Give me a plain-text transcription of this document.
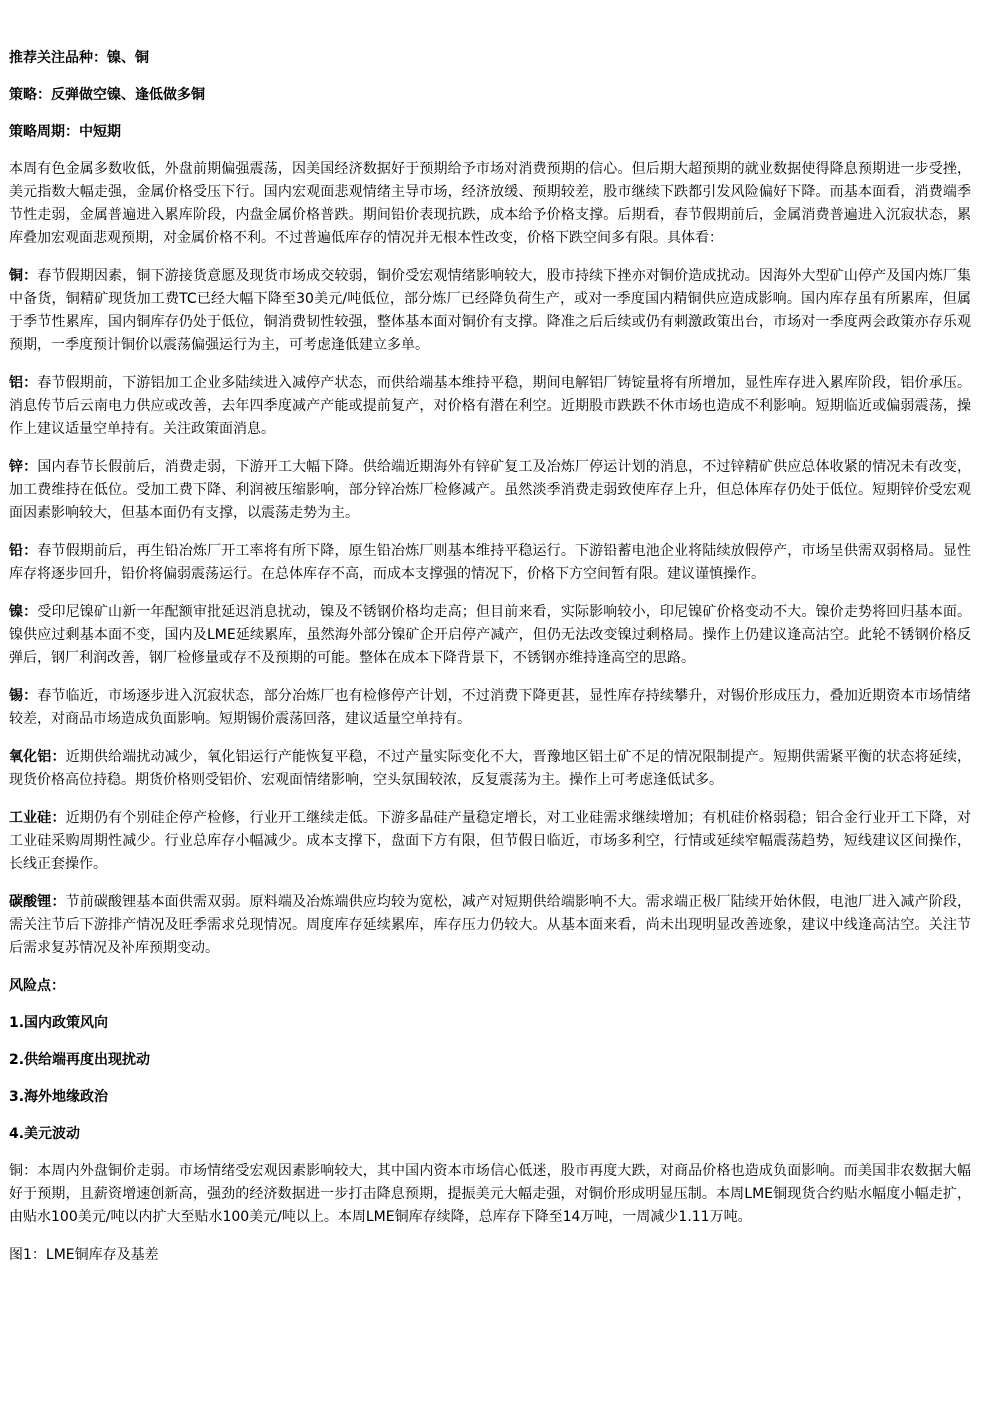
推荐关注品种：镍、铜

策略：反弹做空镍、逢低做多铜

策略周期：中短期

本周有色金属多数收低，外盘前期偏强震荡，因美国经济数据好于预期给予市场对消费预期的信心。但后期大超预期的就业数据使得降息预期进一步受挫，美元指数大幅走强，金属价格受压下行。国内宏观面悲观情绪主导市场，经济放缓、预期较差，股市继续下跌都引发风险偏好下降。而基本面看，消费端季节性走弱，金属普遍进入累库阶段，内盘金属价格普跌。期间铅价表现抗跌，成本给予价格支撑。后期看，春节假期前后，金属消费普遍进入沉寂状态，累库叠加宏观面悲观预期，对金属价格不利。不过普遍低库存的情况并无根本性改变，价格下跌空间多有限。具体看：

铜：春节假期因素，铜下游接货意愿及现货市场成交较弱，铜价受宏观情绪影响较大，股市持续下挫亦对铜价造成扰动。因海外大型矿山停产及国内炼厂集中备货，铜精矿现货加工费TC已经大幅下降至30美元/吨低位，部分炼厂已经降负荷生产，或对一季度国内精铜供应造成影响。国内库存虽有所累库，但属于季节性累库，国内铜库存仍处于低位，铜消费韧性较强，整体基本面对铜价有支撑。降准之后后续或仍有刺激政策出台，市场对一季度两会政策亦存乐观预期，一季度预计铜价以震荡偏强运行为主，可考虑逢低建立多单。

铝：春节假期前，下游铝加工企业多陆续进入减停产状态，而供给端基本维持平稳，期间电解铝厂铸锭量将有所增加，显性库存进入累库阶段，铝价承压。消息传节后云南电力供应或改善，去年四季度减产产能或提前复产，对价格有潜在利空。近期股市跌跌不休市场也造成不利影响。短期临近或偏弱震荡，操作上建议适量空单持有。关注政策面消息。

锌：国内春节长假前后，消费走弱，下游开工大幅下降。供给端近期海外有锌矿复工及冶炼厂停运计划的消息，不过锌精矿供应总体收紧的情况未有改变，加工费维持在低位。受加工费下降、利润被压缩影响，部分锌冶炼厂检修减产。虽然淡季消费走弱致使库存上升，但总体库存仍处于低位。短期锌价受宏观面因素影响较大，但基本面仍有支撑，以震荡走势为主。

铅：春节假期前后，再生铅冶炼厂开工率将有所下降，原生铅冶炼厂则基本维持平稳运行。下游铅蓄电池企业将陆续放假停产，市场呈供需双弱格局。显性库存将逐步回升，铅价将偏弱震荡运行。在总体库存不高，而成本支撑强的情况下，价格下方空间暂有限。建议谨慎操作。

镍：受印尼镍矿山新一年配额审批延迟消息扰动，镍及不锈钢价格均走高；但目前来看，实际影响较小，印尼镍矿价格变动不大。镍价走势将回归基本面。镍供应过剩基本面不变，国内及LME延续累库，虽然海外部分镍矿企开启停产减产，但仍无法改变镍过剩格局。操作上仍建议逢高沽空。此轮不锈钢价格反弹后，钢厂利润改善，钢厂检修量或存不及预期的可能。整体在成本下降背景下，不锈钢亦维持逢高空的思路。

锡：春节临近，市场逐步进入沉寂状态，部分冶炼厂也有检修停产计划，不过消费下降更甚，显性库存持续攀升，对锡价形成压力，叠加近期资本市场情绪较差，对商品市场造成负面影响。短期锡价震荡回落，建议适量空单持有。

氧化铝：近期供给端扰动减少，氧化铝运行产能恢复平稳，不过产量实际变化不大，晋豫地区铝土矿不足的情况限制提产。短期供需紧平衡的状态将延续，现货价格高位持稳。期货价格则受铝价、宏观面情绪影响，空头氛围较浓，反复震荡为主。操作上可考虑逢低试多。

工业硅：近期仍有个别硅企停产检修，行业开工继续走低。下游多晶硅产量稳定增长，对工业硅需求继续增加；有机硅价格弱稳；铝合金行业开工下降，对工业硅采购周期性减少。行业总库存小幅减少。成本支撑下，盘面下方有限，但节假日临近，市场多利空，行情或延续窄幅震荡趋势，短线建议区间操作，长线正套操作。

碳酸锂：节前碳酸锂基本面供需双弱。原料端及冶炼端供应均较为宽松，减产对短期供给端影响不大。需求端正极厂陆续开始休假，电池厂进入减产阶段，需关注节后下游排产情况及旺季需求兑现情况。周度库存延续累库，库存压力仍较大。从基本面来看，尚未出现明显改善迹象，建议中线逢高沽空。关注节后需求复苏情况及补库预期变动。

风险点：

1.国内政策风向

2.供给端再度出现扰动

3.海外地缘政治

4.美元波动

铜：本周内外盘铜价走弱。市场情绪受宏观因素影响较大，其中国内资本市场信心低迷，股市再度大跌，对商品价格也造成负面影响。而美国非农数据大幅好于预期，且薪资增速创新高，强劲的经济数据进一步打击降息预期，提振美元大幅走强，对铜价形成明显压制。本周LME铜现货合约贴水幅度小幅走扩，由贴水100美元/吨以内扩大至贴水100美元/吨以上。本周LME铜库存续降，总库存下降至14万吨，一周减少1.11万吨。

图1：LME铜库存及基差
